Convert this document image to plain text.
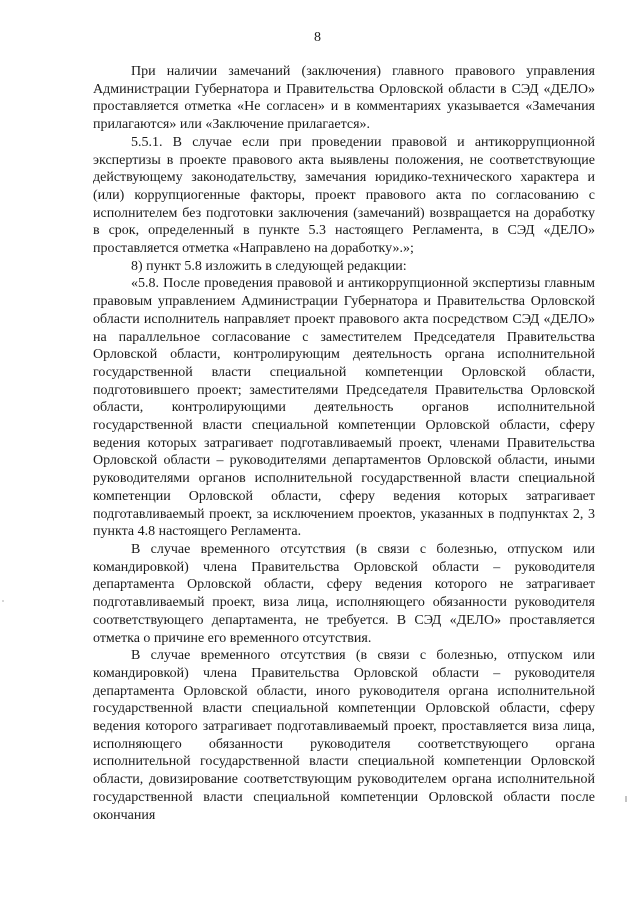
8

При наличии замечаний (заключения) главного правового управления Администрации Губернатора и Правительства Орловской области в СЭД «ДЕЛО» проставляется отметка «Не согласен» и в комментариях указывается «Замечания прилагаются» или «Заключение прилагается».

5.5.1. В случае если при проведении правовой и антикоррупционной экспертизы в проекте правового акта выявлены положения, не соответствующие действующему законодательству, замечания юридико-технического характера и (или) коррупциогенные факторы, проект правового акта по согласованию с исполнителем без подготовки заключения (замечаний) возвращается на доработку в срок, определенный в пункте 5.3 настоящего Регламента, в СЭД «ДЕЛО» проставляется отметка «Направлено на доработку».»;

8) пункт 5.8 изложить в следующей редакции:

«5.8. После проведения правовой и антикоррупционной экспертизы главным правовым управлением Администрации Губернатора и Правительства Орловской области исполнитель направляет проект правового акта посредством СЭД «ДЕЛО» на параллельное согласование с заместителем Председателя Правительства Орловской области, контролирующим деятельность органа исполнительной государственной власти специальной компетенции Орловской области, подготовившего проект; заместителями Председателя Правительства Орловской области, контролирующими деятельность органов исполнительной государственной власти специальной компетенции Орловской области, сферу ведения которых затрагивает подготавливаемый проект, членами Правительства Орловской области – руководителями департаментов Орловской области, иными руководителями органов исполнительной государственной власти специальной компетенции Орловской области, сферу ведения которых затрагивает подготавливаемый проект, за исключением проектов, указанных в подпунктах 2, 3 пункта 4.8 настоящего Регламента.

В случае временного отсутствия (в связи с болезнью, отпуском или командировкой) члена Правительства Орловской области – руководителя департамента Орловской области, сферу ведения которого не затрагивает подготавливаемый проект, виза лица, исполняющего обязанности руководителя соответствующего департамента, не требуется. В СЭД «ДЕЛО» проставляется отметка о причине его временного отсутствия.

В случае временного отсутствия (в связи с болезнью, отпуском или командировкой) члена Правительства Орловской области – руководителя департамента Орловской области, иного руководителя органа исполнительной государственной власти специальной компетенции Орловской области, сферу ведения которого затрагивает подготавливаемый проект, проставляется виза лица, исполняющего обязанности руководителя соответствующего органа исполнительной государственной власти специальной компетенции Орловской области, довизирование соответствующим руководителем органа исполнительной государственной власти специальной компетенции Орловской области после окончания
